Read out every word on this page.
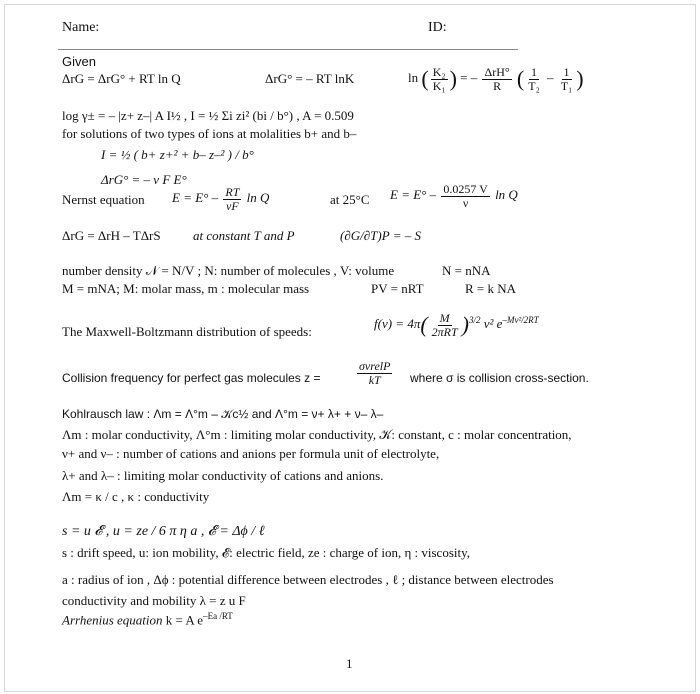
Name:	ID:
Given
ΔrG = ΔrG° + RT ln Q	ΔrG° = – RT lnK	ln ( $\frac{\text{K₂}}{\text{K₁}}$ ) = – $\frac{\text{ΔrH°}}{R}$ ( $\frac{1}{\text{T₂}} - \frac{1}{\text{T₁}}$ )
log γ± = – |z+ z–| A I½ , I = ½ Σi zi² (bi / b°) , A = 0.509
for solutions of two types of ions at molalities b+ and b–
I = ½ ( b+ z+² + b– z–² ) / b°
ΔrG° = – ν F E°
Nernst equation $E = E^\circ - \frac{RT}{\nu F}$ ln Q	at 25°C $E = E^\circ - \frac{0.0257 V}{\nu}$ ln Q
ΔrG = ΔrH – TΔrS at constant T and P	(∂G/∂T)P = – S
number density 𝒩 = N/V ; N: number of molecules , V: volume	N = nNA
M = mNA; M: molar mass, m : molecular mass	PV = nRT	R = k NA
The Maxwell-Boltzmann distribution of speeds:
$f(v) = 4\pi( \frac{M}{\text{2πRT}} )^{3/2}$ v² $e^{-Mv^2/2RT}$
Collision frequency for perfect gas molecules z =	$\frac{\text{σvrelP}}{kT}$ where σ is collision cross-section.
Kohlrausch law : Λm = Λ°m – 𝒦c½ and Λ°m = ν+ λ+ + ν– λ–
Λm : molar conductivity, Λ°m : limiting molar conductivity, 𝒦: constant, c : molar concentration,
ν+ and ν– : number of cations and anions per formula unit of electrolyte,
λ+ and λ– : limiting molar conductivity of cations and anions.
Λm = κ / c , κ : conductivity
s = u 𝓔 , u = ze / 6 π η a , 𝓔 = Δϕ / ℓ
s : drift speed, u: ion mobility, 𝓔: electric field, ze : charge of ion, η : viscosity,
a : radius of ion , Δϕ : potential difference between electrodes , ℓ ; distance between electrodes
conductivity and mobility λ = z u F
Arrhenius equation k = A $e^{-Ea /RT}$
1
